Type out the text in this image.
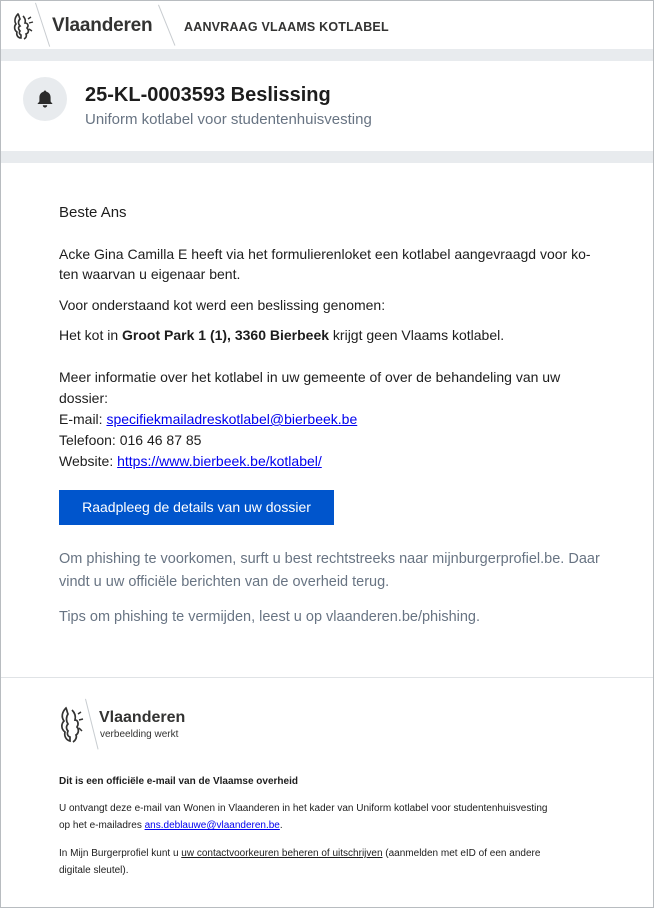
Vlaanderen	AANVRAAG VLAAMS KOTLABEL
25-KL-0003593 Beslissing
Uniform kotlabel voor studentenhuisvesting
Beste Ans
Acke Gina Camilla E heeft via het formulierenloket een kotlabel aangevraagd voor ko-
ten waarvan u eigenaar bent.
Voor onderstaand kot werd een beslissing genomen:
Het kot in Groot Park 1 (1), 3360 Bierbeek krijgt geen Vlaams kotlabel.
Meer informatie over het kotlabel in uw gemeente of over de behandeling van uw
dossier:
E-mail: specifiekmailadreskotlabel@bierbeek.be
Telefoon: 016 46 87 85
Website: https://www.bierbeek.be/kotlabel/
Raadpleeg de details van uw dossier
Om phishing te voorkomen, surft u best rechtstreeks naar mijnburgerprofiel.be. Daar
vindt u uw officiële berichten van de overheid terug.
Tips om phishing te vermijden, leest u op vlaanderen.be/phishing.
Vlaanderen
verbeelding werkt
Dit is een officiële e-mail van de Vlaamse overheid
U ontvangt deze e-mail van Wonen in Vlaanderen in het kader van Uniform kotlabel voor studentenhuisvesting
op het e-mailadres ans.deblauwe@vlaanderen.be.
In Mijn Burgerprofiel kunt u uw contactvoorkeuren beheren of uitschrijven (aanmelden met eID of een andere
digitale sleutel).
